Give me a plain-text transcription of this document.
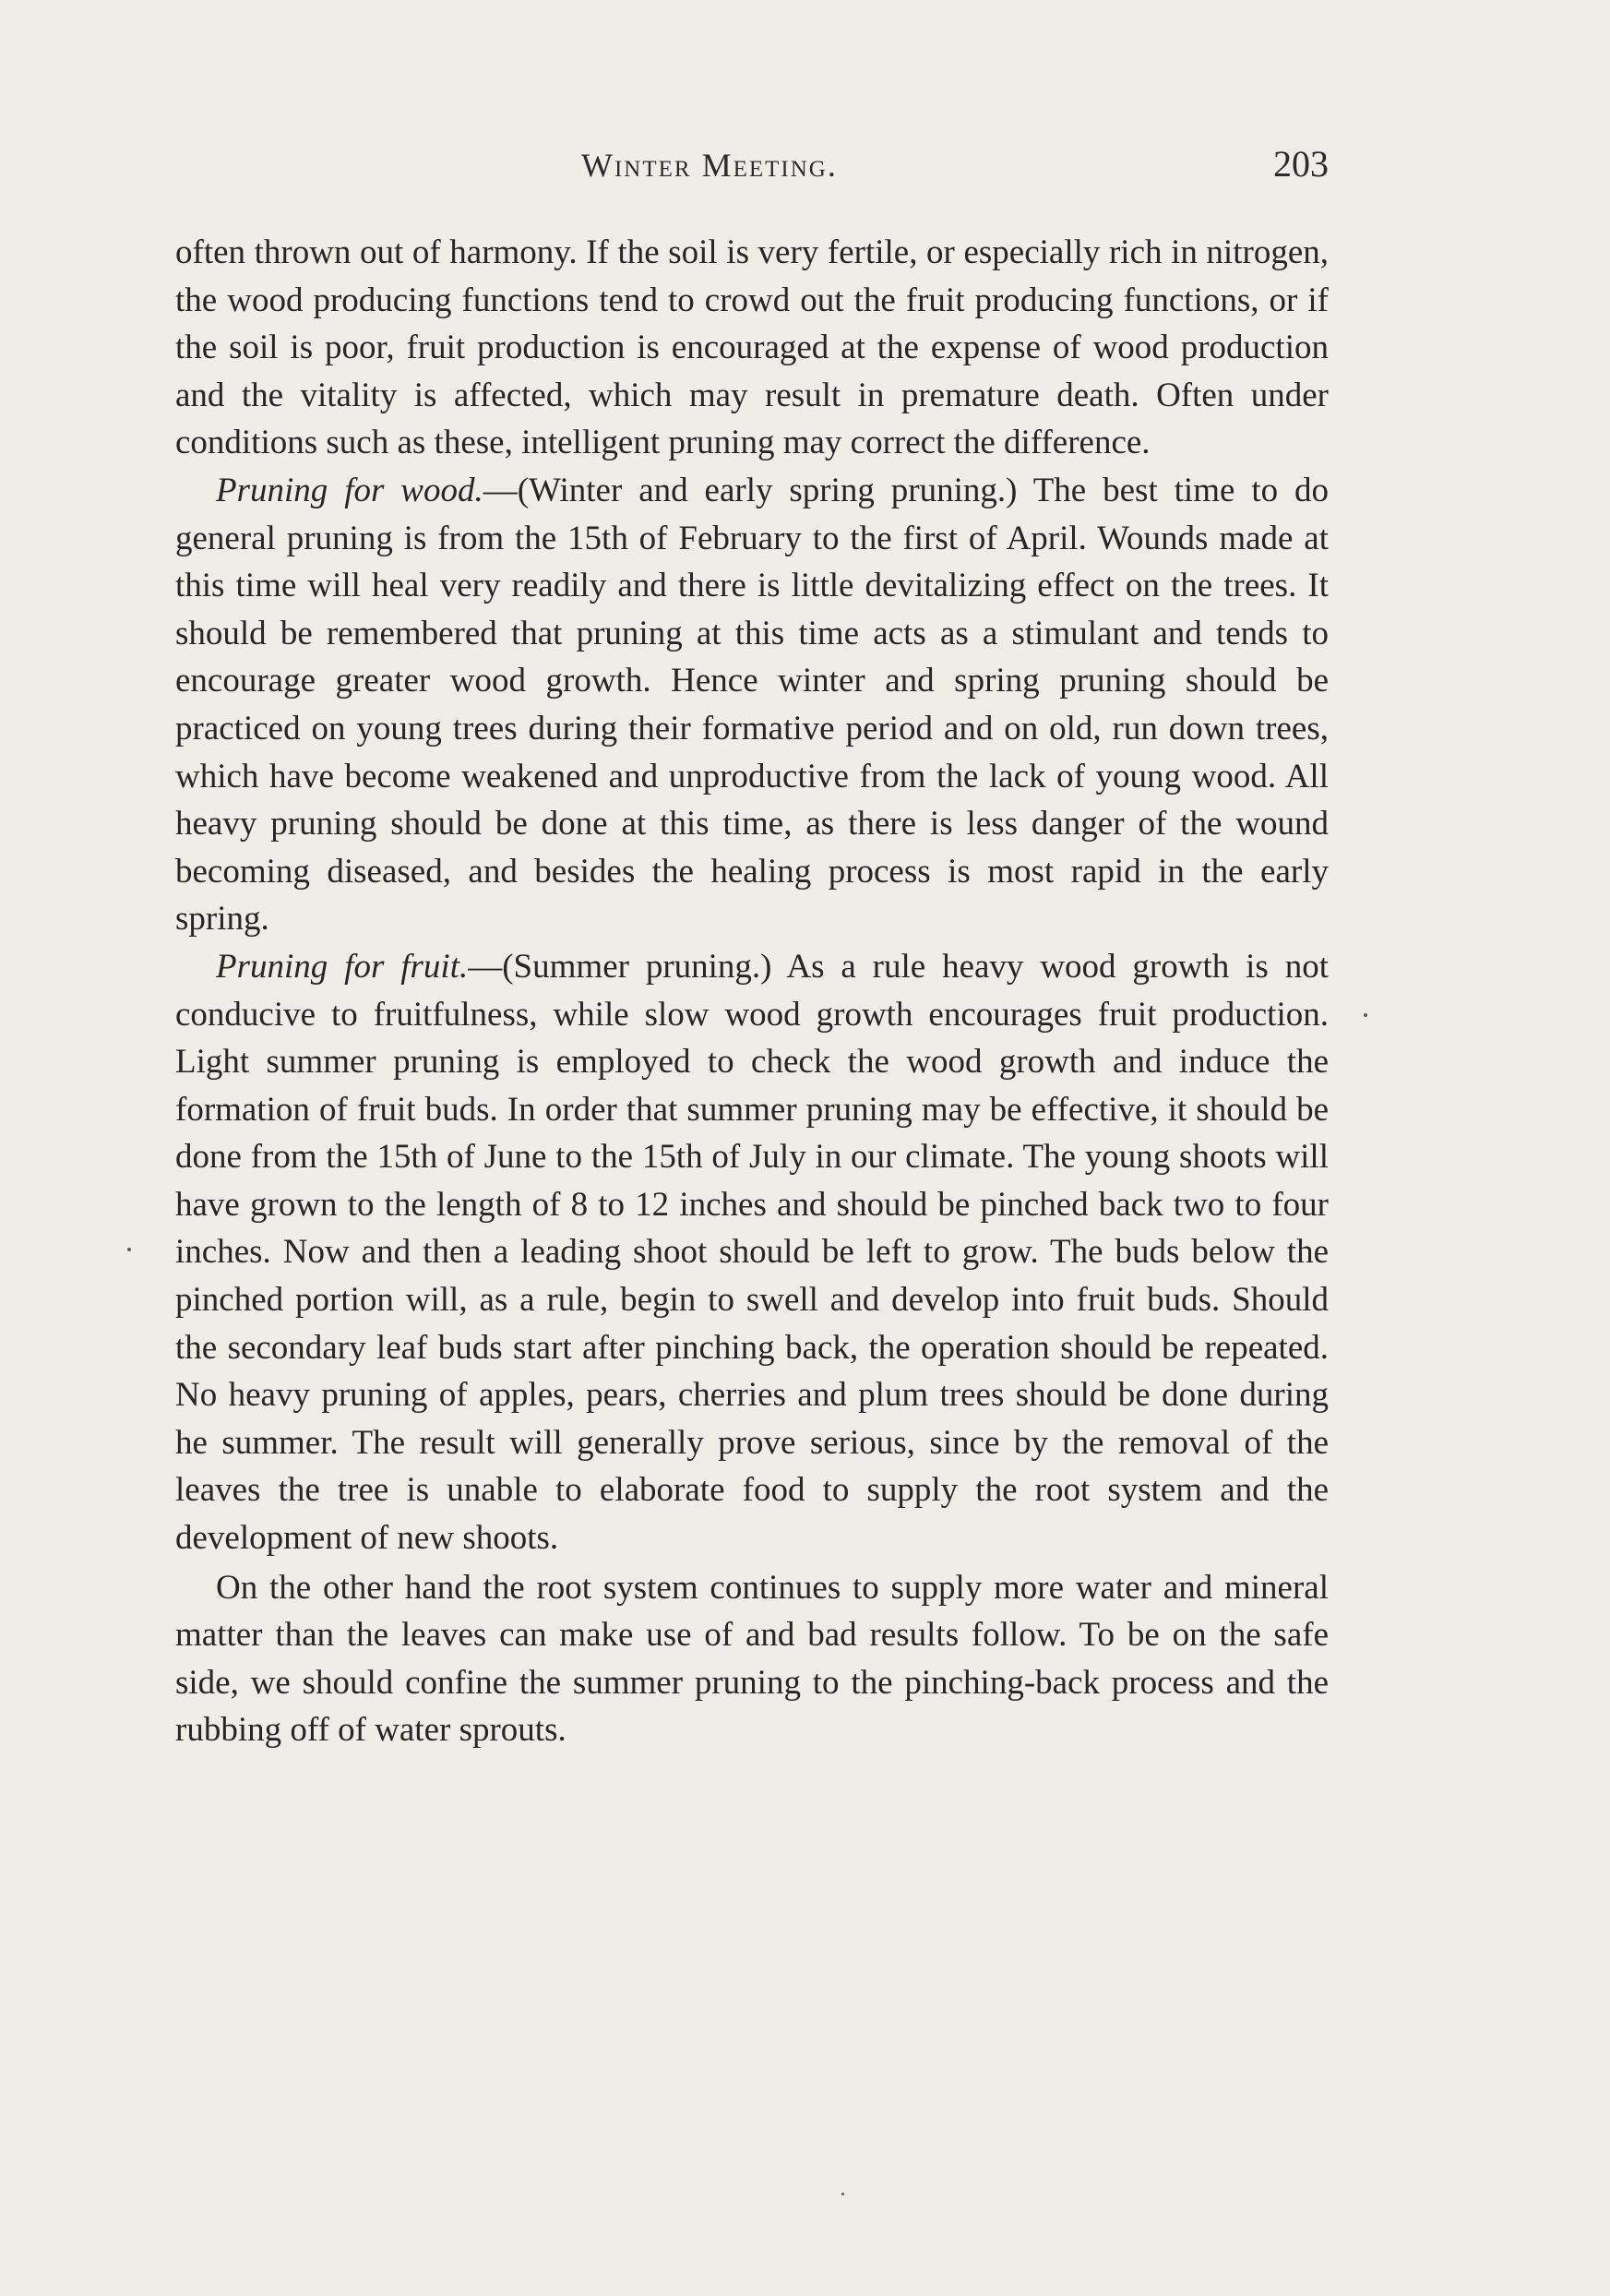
Winter Meeting.	203

often thrown out of harmony. If the soil is very fertile, or especially rich in nitrogen, the wood producing functions tend to crowd out the fruit producing functions, or if the soil is poor, fruit production is encouraged at the expense of wood production and the vitality is affected, which may result in premature death. Often under conditions such as these, intelligent pruning may correct the difference.

Pruning for wood.—(Winter and early spring pruning.) The best time to do general pruning is from the 15th of February to the first of April. Wounds made at this time will heal very readily and there is little devitalizing effect on the trees. It should be remembered that pruning at this time acts as a stimulant and tends to encourage greater wood growth. Hence winter and spring pruning should be practiced on young trees during their formative period and on old, run down trees, which have become weakened and unproductive from the lack of young wood. All heavy pruning should be done at this time, as there is less danger of the wound becoming diseased, and besides the healing process is most rapid in the early spring.

Pruning for fruit.—(Summer pruning.) As a rule heavy wood growth is not conducive to fruitfulness, while slow wood growth encourages fruit production. Light summer pruning is employed to check the wood growth and induce the formation of fruit buds. In order that summer pruning may be effective, it should be done from the 15th of June to the 15th of July in our climate. The young shoots will have grown to the length of 8 to 12 inches and should be pinched back two to four inches. Now and then a leading shoot should be left to grow. The buds below the pinched portion will, as a rule, begin to swell and develop into fruit buds. Should the secondary leaf buds start after pinching back, the operation should be repeated. No heavy pruning of apples, pears, cherries and plum trees should be done during he summer. The result will generally prove serious, since by the removal of the leaves the tree is unable to elaborate food to supply the root system and the development of new shoots.

On the other hand the root system continues to supply more water and mineral matter than the leaves can make use of and bad results follow. To be on the safe side, we should confine the summer pruning to the pinching-back process and the rubbing off of water sprouts.
